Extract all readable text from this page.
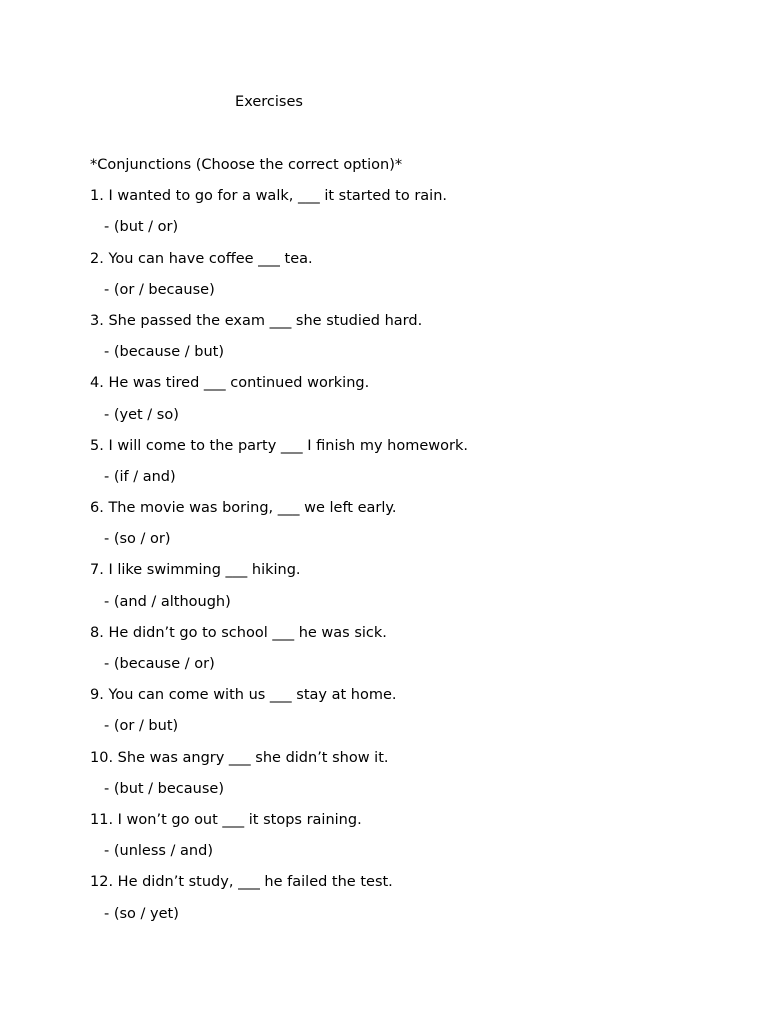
Exercises
*Conjunctions (Choose the correct option)*
1. I wanted to go for a walk, ___ it started to rain.
- (but / or)
2. You can have coffee ___ tea.
- (or / because)
3. She passed the exam ___ she studied hard.
- (because / but)
4. He was tired ___ continued working.
- (yet / so)
5. I will come to the party ___ I finish my homework.
- (if / and)
6. The movie was boring, ___ we left early.
- (so / or)
7. I like swimming ___ hiking.
- (and / although)
8. He didn’t go to school ___ he was sick.
- (because / or)
9. You can come with us ___ stay at home.
- (or / but)
10. She was angry ___ she didn’t show it.
- (but / because)
11. I won’t go out ___ it stops raining.
- (unless / and)
12. He didn’t study, ___ he failed the test.
- (so / yet)
